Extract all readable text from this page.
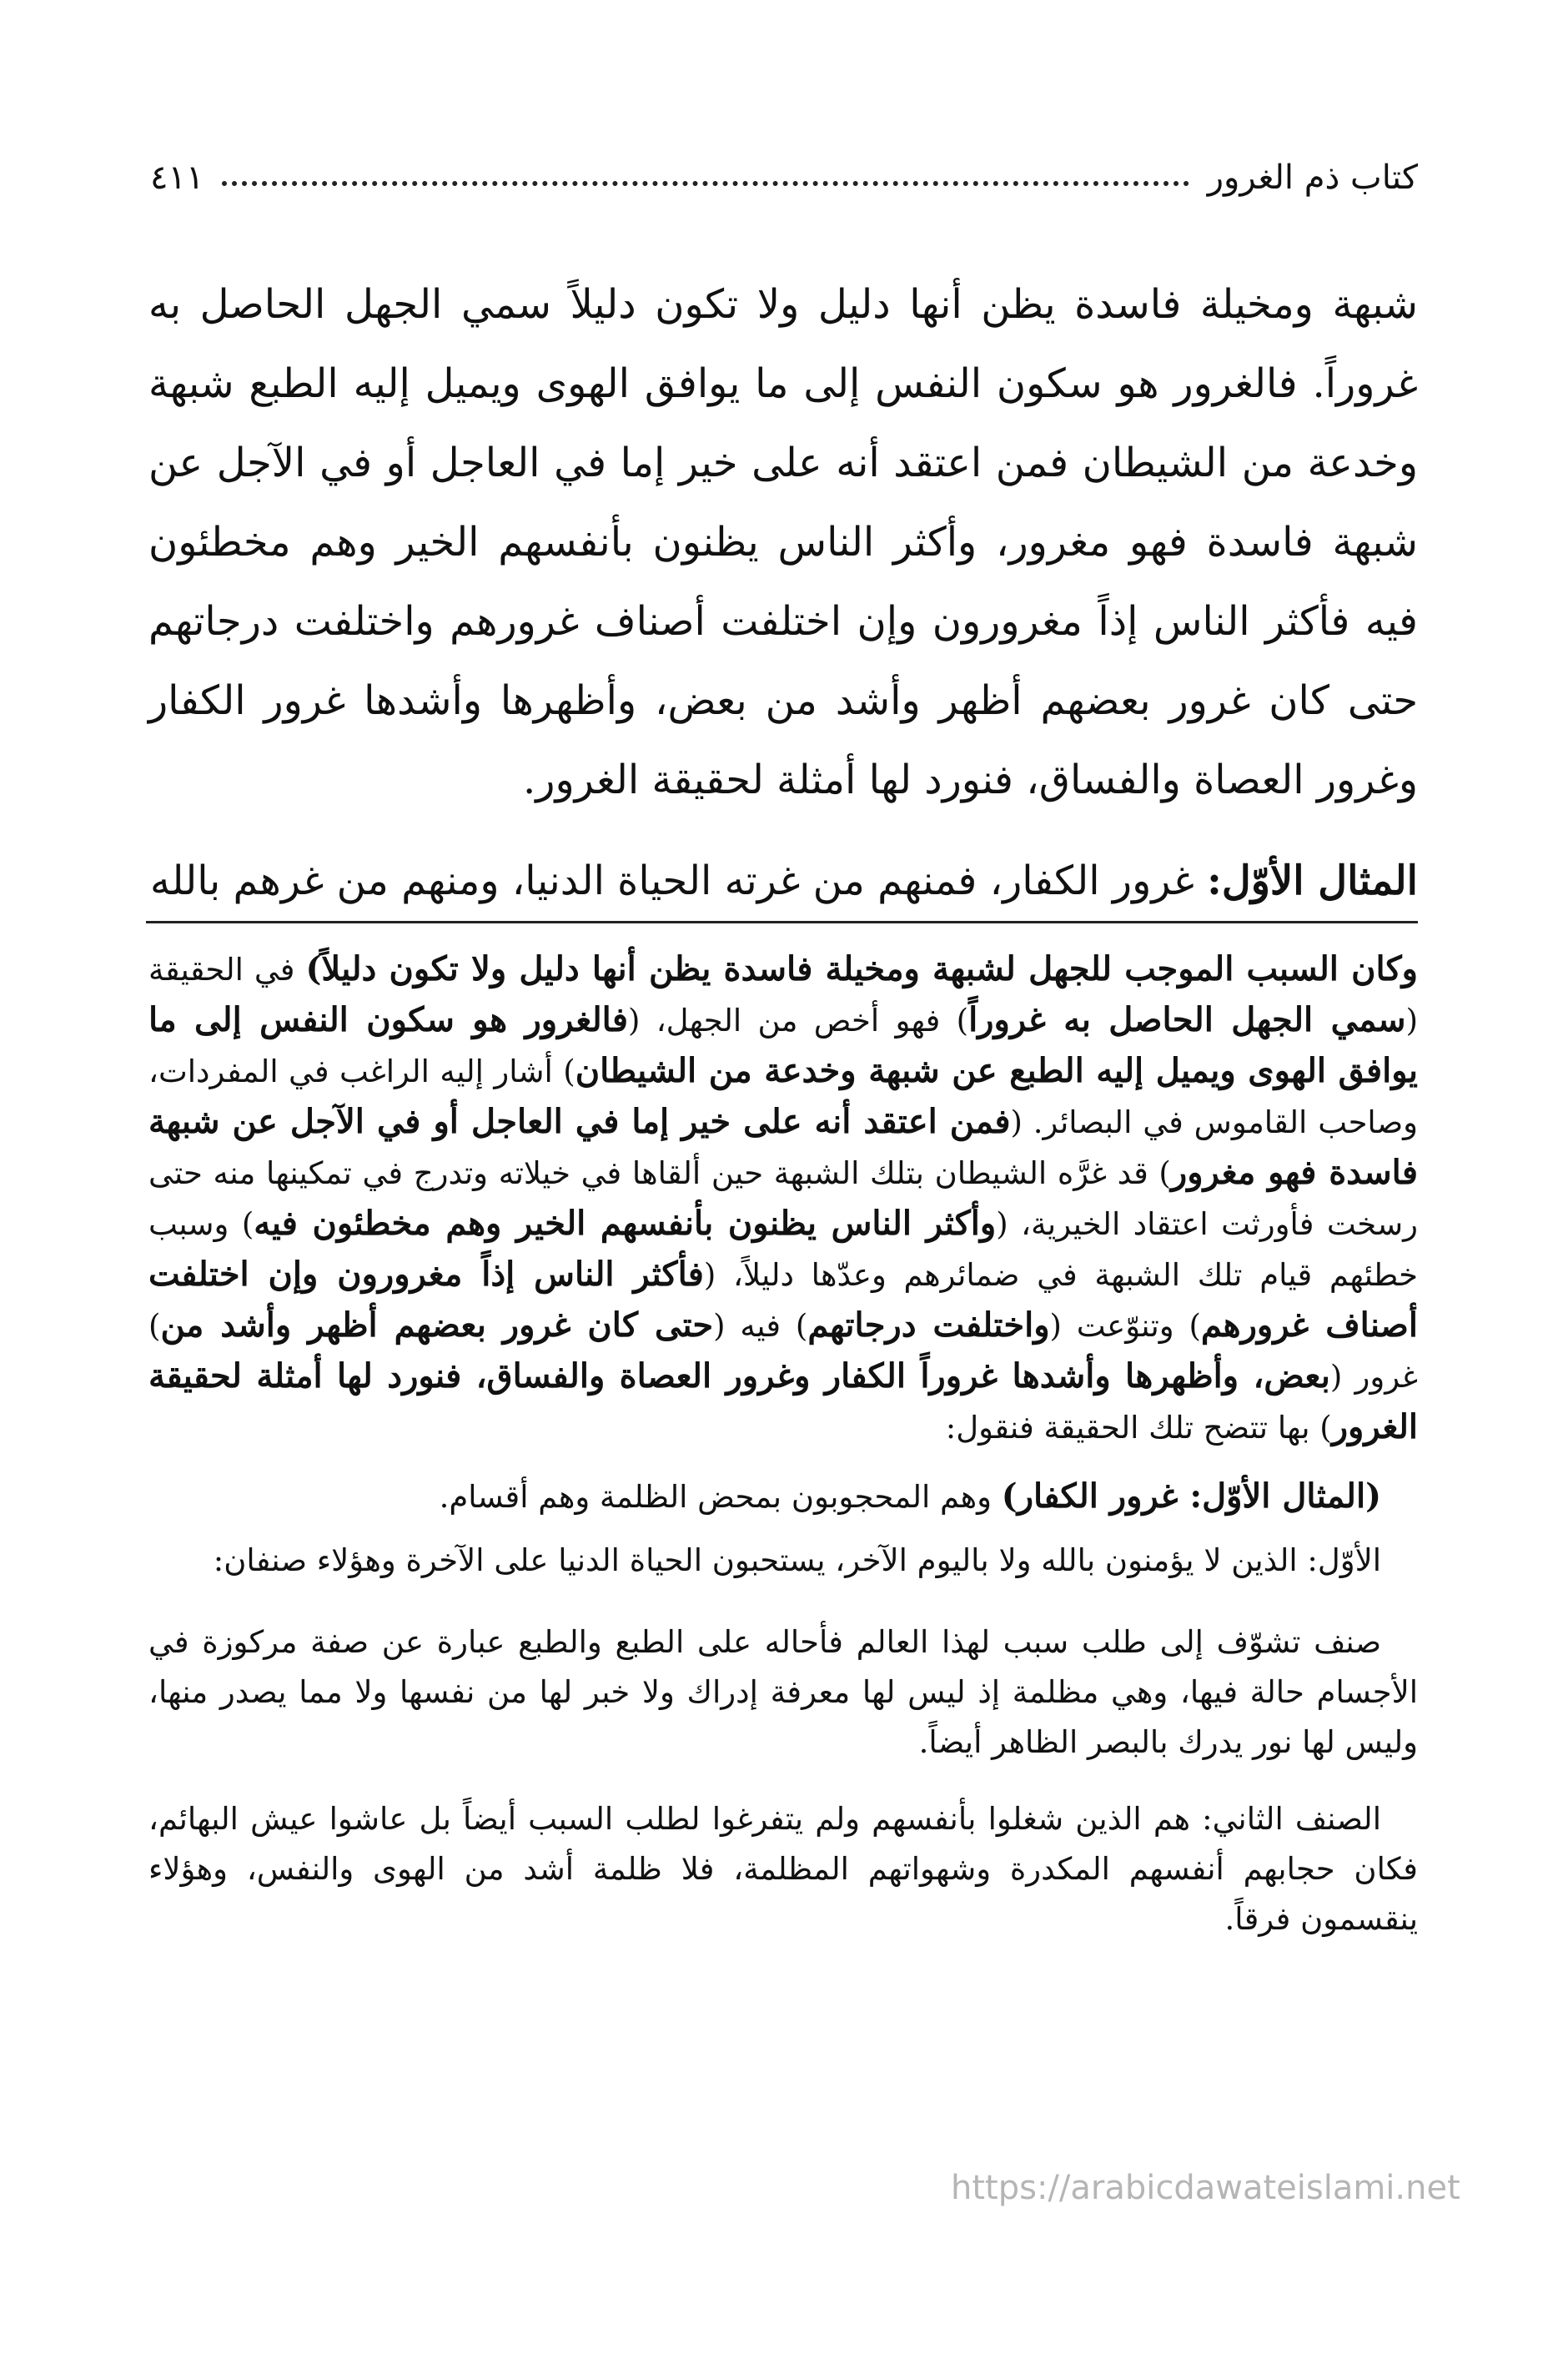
كتاب ذم الغرور
٤١١

شبهة ومخيلة فاسدة يظن أنها دليل ولا تكون دليلاً سمي الجهل الحاصل به غروراً. فالغرور هو سكون النفس إلى ما يوافق الهوى ويميل إليه الطبع شبهة وخدعة من الشيطان فمن اعتقد أنه على خير إما في العاجل أو في الآجل عن شبهة فاسدة فهو مغرور، وأكثر الناس يظنون بأنفسهم الخير وهم مخطئون فيه فأكثر الناس إذاً مغرورون وإن اختلفت أصناف غرورهم واختلفت درجاتهم حتى كان غرور بعضهم أظهر وأشد من بعض، وأظهرها وأشدها غرور الكفار وغرور العصاة والفساق، فنورد لها أمثلة لحقيقة الغرور.

المثال الأوّل: غرور الكفار، فمنهم من غرته الحياة الدنيا، ومنهم من غرهم بالله

وكان السبب الموجب للجهل لشبهة ومخيلة فاسدة يظن أنها دليل ولا تكون دليلاً) في الحقيقة (سمي الجهل الحاصل به غروراً) فهو أخص من الجهل، (فالغرور هو سكون النفس إلى ما يوافق الهوى ويميل إليه الطبع عن شبهة وخدعة من الشيطان) أشار إليه الراغب في المفردات، وصاحب القاموس في البصائر. (فمن اعتقد أنه على خير إما في العاجل أو في الآجل عن شبهة فاسدة فهو مغرور) قد غرَّه الشيطان بتلك الشبهة حين ألقاها في خيلاته وتدرج في تمكينها منه حتى رسخت فأورثت اعتقاد الخيرية، (وأكثر الناس يظنون بأنفسهم الخير وهم مخطئون فيه) وسبب خطئهم قيام تلك الشبهة في ضمائرهم وعدّها دليلاً، (فأكثر الناس إذاً مغرورون وإن اختلفت أصناف غرورهم) وتنوّعت (واختلفت درجاتهم) فيه (حتى كان غرور بعضهم أظهر وأشد من) غرور (بعض، وأظهرها وأشدها غروراً الكفار وغرور العصاة والفساق، فنورد لها أمثلة لحقيقة الغرور) بها تتضح تلك الحقيقة فنقول:

(المثال الأوّل: غرور الكفار) وهم المحجوبون بمحض الظلمة وهم أقسام.

الأوّل: الذين لا يؤمنون بالله ولا باليوم الآخر، يستحبون الحياة الدنيا على الآخرة وهؤلاء صنفان:

صنف تشوّف إلى طلب سبب لهذا العالم فأحاله على الطبع والطبع عبارة عن صفة مركوزة في الأجسام حالة فيها، وهي مظلمة إذ ليس لها معرفة إدراك ولا خبر لها من نفسها ولا مما يصدر منها، وليس لها نور يدرك بالبصر الظاهر أيضاً.

الصنف الثاني: هم الذين شغلوا بأنفسهم ولم يتفرغوا لطلب السبب أيضاً بل عاشوا عيش البهائم، فكان حجابهم أنفسهم المكدرة وشهواتهم المظلمة، فلا ظلمة أشد من الهوى والنفس، وهؤلاء ينقسمون فرقاً.

https://arabicdawateislami.net
